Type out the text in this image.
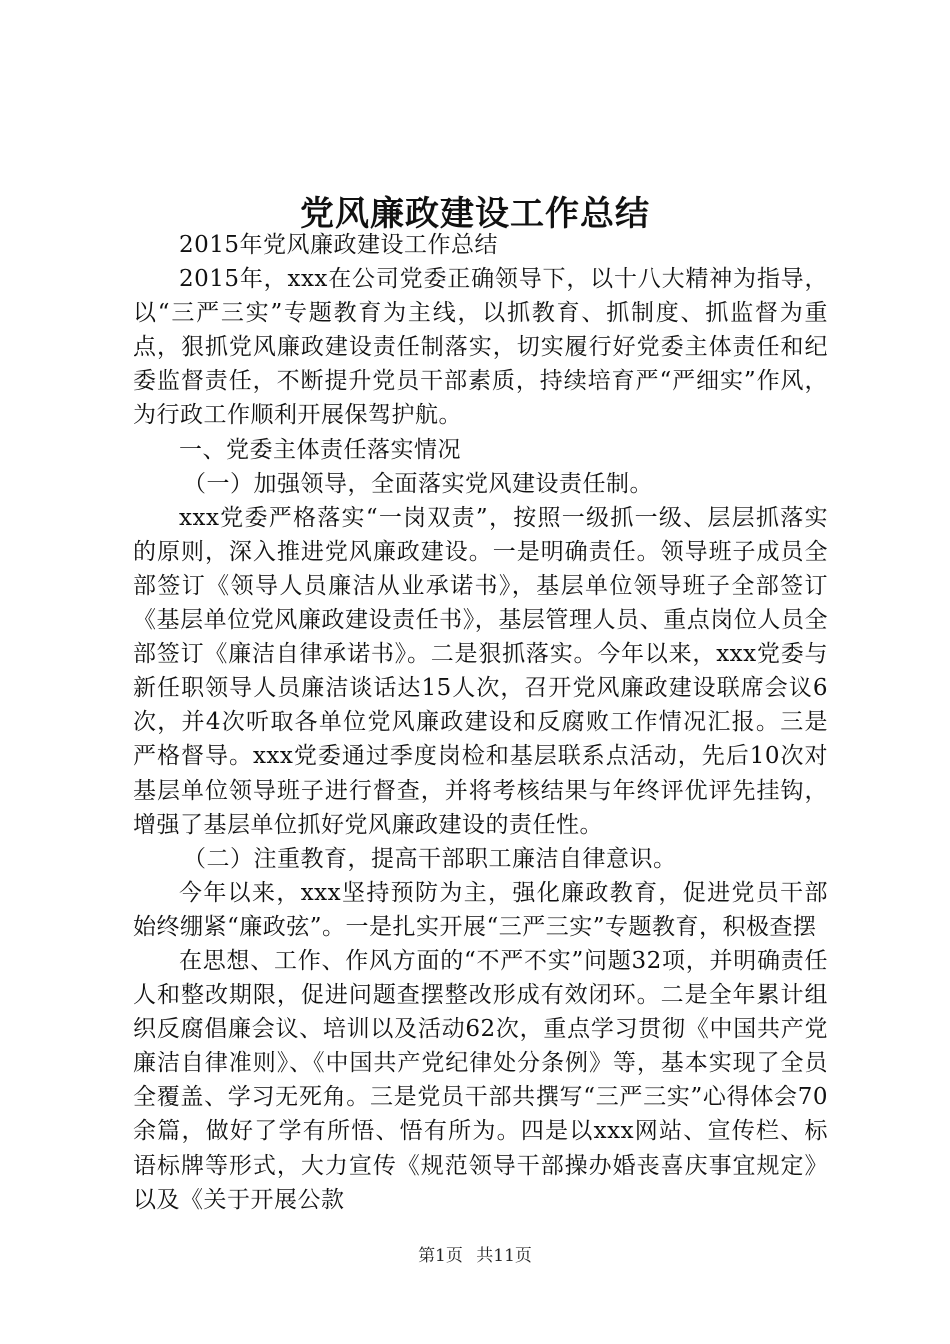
党风廉政建设工作总结

2015年党风廉政建设工作总结

2015年，xxx在公司党委正确领导下，以十八大精神为指导，以“三严三实”专题教育为主线，以抓教育、抓制度、抓监督为重点，狠抓党风廉政建设责任制落实，切实履行好党委主体责任和纪委监督责任，不断提升党员干部素质，持续培育严“严细实”作风，为行政工作顺利开展保驾护航。

一、党委主体责任落实情况

（一）加强领导，全面落实党风建设责任制。

xxx党委严格落实“一岗双责”，按照一级抓一级、层层抓落实的原则，深入推进党风廉政建设。一是明确责任。领导班子成员全部签订《领导人员廉洁从业承诺书》，基层单位领导班子全部签订《基层单位党风廉政建设责任书》，基层管理人员、重点岗位人员全部签订《廉洁自律承诺书》。二是狠抓落实。今年以来，xxx党委与新任职领导人员廉洁谈话达15人次，召开党风廉政建设联席会议6次，并4次听取各单位党风廉政建设和反腐败工作情况汇报。三是严格督导。xxx党委通过季度岗检和基层联系点活动，先后10次对基层单位领导班子进行督查，并将考核结果与年终评优评先挂钩，增强了基层单位抓好党风廉政建设的责任性。

（二）注重教育，提高干部职工廉洁自律意识。

今年以来，xxx坚持预防为主，强化廉政教育，促进党员干部始终绷紧“廉政弦”。一是扎实开展“三严三实”专题教育，积极查摆

在思想、工作、作风方面的“不严不实”问题32项，并明确责任人和整改期限，促进问题查摆整改形成有效闭环。二是全年累计组织反腐倡廉会议、培训以及活动62次，重点学习贯彻《中国共产党廉洁自律准则》、《中国共产党纪律处分条例》等，基本实现了全员全覆盖、学习无死角。三是党员干部共撰写“三严三实”心得体会70余篇，做好了学有所悟、悟有所为。四是以xxx网站、宣传栏、标语标牌等形式，大力宣传《规范领导干部操办婚丧喜庆事宜规定》以及《关于开展公款

第1页 共11页
